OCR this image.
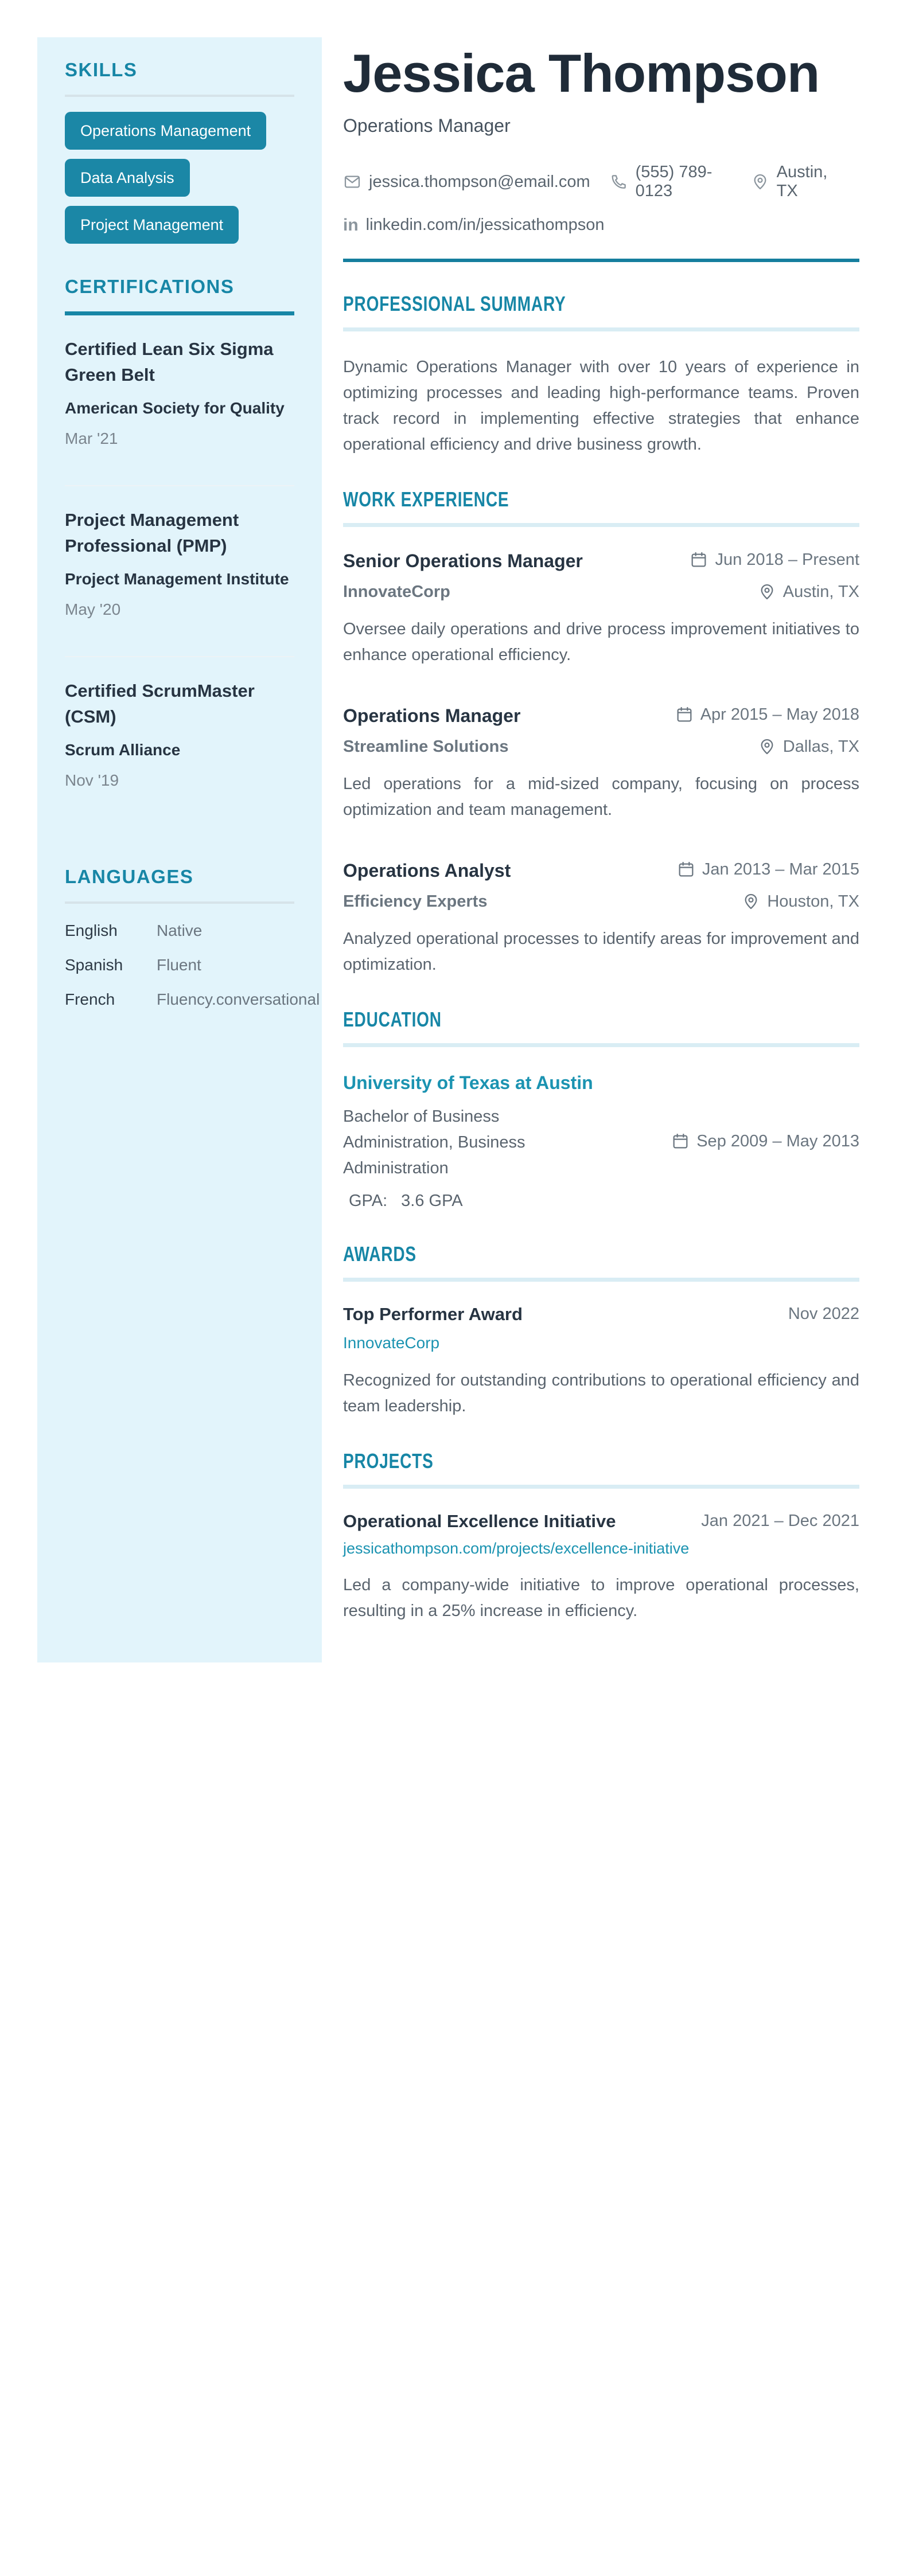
SKILLS
Operations Management
Data Analysis
Project Management
CERTIFICATIONS
Certified Lean Six Sigma Green Belt
American Society for Quality
Mar '21
Project Management Professional (PMP)
Project Management Institute
May '20
Certified ScrumMaster (CSM)
Scrum Alliance
Nov '19
LANGUAGES
English	Native
Spanish	Fluent
French	Fluency.conversational
Jessica Thompson
Operations Manager
jessica.thompson@email.com
(555) 789-0123
Austin, TX
in linkedin.com/in/jessicathompson
PROFESSIONAL SUMMARY

Dynamic Operations Manager with over 10 years of experience in optimizing processes and leading high-performance teams. Proven track record in implementing effective strategies that enhance operational efficiency and drive business growth.

WORK EXPERIENCE
Senior Operations Manager	Jun 2018 – Present
InnovateCorp	Austin, TX

Oversee daily operations and drive process improvement initiatives to enhance operational efficiency.

Operations Manager	Apr 2015 – May 2018
Streamline Solutions	Dallas, TX

Led operations for a mid-sized company, focusing on process optimization and team management.

Operations Analyst	Jan 2013 – Mar 2015
Efficiency Experts	Houston, TX

Analyzed operational processes to identify areas for improvement and optimization.

EDUCATION
University of Texas at Austin
Bachelor of Business Administration, Business Administration
GPA: 3.6 GPA
Sep 2009 – May 2013
AWARDS
Top Performer Award	Nov 2022
InnovateCorp

Recognized for outstanding contributions to operational efficiency and team leadership.

PROJECTS
Operational Excellence Initiative	Jan 2021 – Dec 2021
jessicathompson.com/projects/excellence-initiative

Led a company-wide initiative to improve operational processes, resulting in a 25% increase in efficiency.
